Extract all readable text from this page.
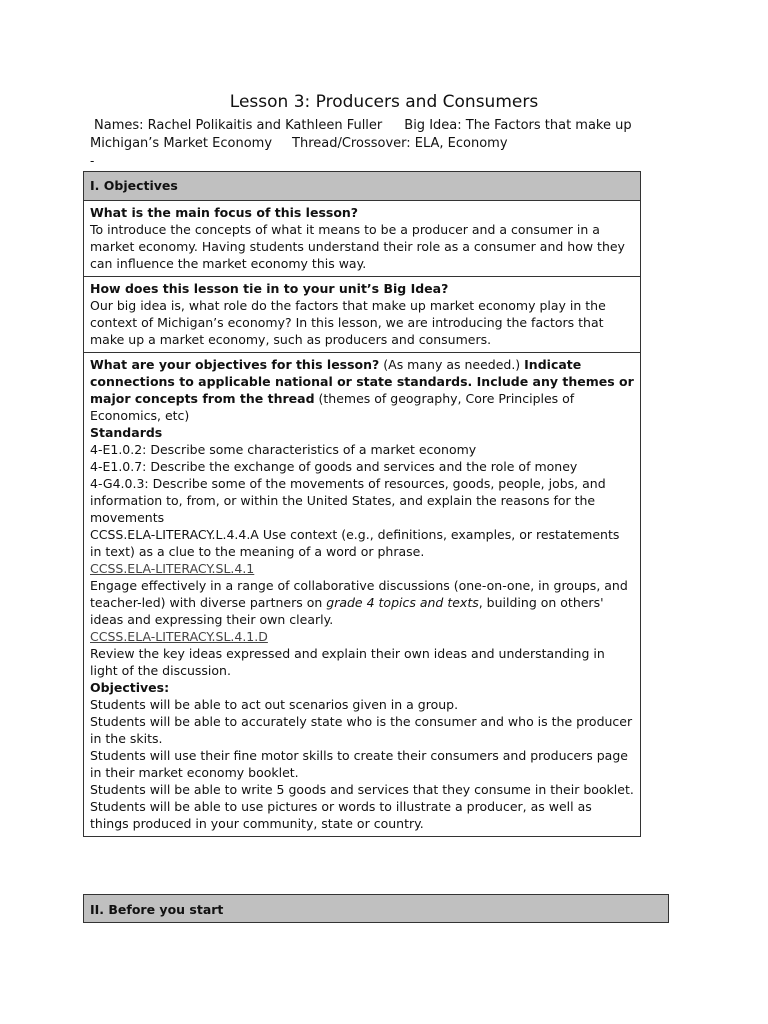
Lesson 3: Producers and Consumers
Names: Rachel Polikaitis and Kathleen Fuller Big Idea: The Factors that make up
Michigan’s Market Economy Thread/Crossover: ELA, Economy
-
I. Objectives

What is the main focus of this lesson?
To introduce the concepts of what it means to be a producer and a consumer in a market economy. Having students understand their role as a consumer and how they can influence the market economy this way.

How does this lesson tie in to your unit’s Big Idea?
Our big idea is, what role do the factors that make up market economy play in the context of Michigan’s economy? In this lesson, we are introducing the factors that make up a market economy, such as producers and consumers.

What are your objectives for this lesson? (As many as needed.) Indicate connections to applicable national or state standards. Include any themes or major concepts from the thread (themes of geography, Core Principles of Economics, etc)
Standards
4-E1.0.2: Describe some characteristics of a market economy
4-E1.0.7: Describe the exchange of goods and services and the role of money
4-G4.0.3: Describe some of the movements of resources, goods, people, jobs, and information to, from, or within the United States, and explain the reasons for the movements
CCSS.ELA-LITERACY.L.4.4.A Use context (e.g., definitions, examples, or restatements in text) as a clue to the meaning of a word or phrase.
CCSS.ELA-LITERACY.SL.4.1
Engage effectively in a range of collaborative discussions (one-on-one, in groups, and teacher-led) with diverse partners on grade 4 topics and texts, building on others' ideas and expressing their own clearly.
CCSS.ELA-LITERACY.SL.4.1.D
Review the key ideas expressed and explain their own ideas and understanding in light of the discussion.
Objectives:
Students will be able to act out scenarios given in a group.
Students will be able to accurately state who is the consumer and who is the producer in the skits.
Students will use their fine motor skills to create their consumers and producers page in their market economy booklet.
Students will be able to write 5 goods and services that they consume in their booklet.
Students will be able to use pictures or words to illustrate a producer, as well as things produced in your community, state or country.
II. Before you start
